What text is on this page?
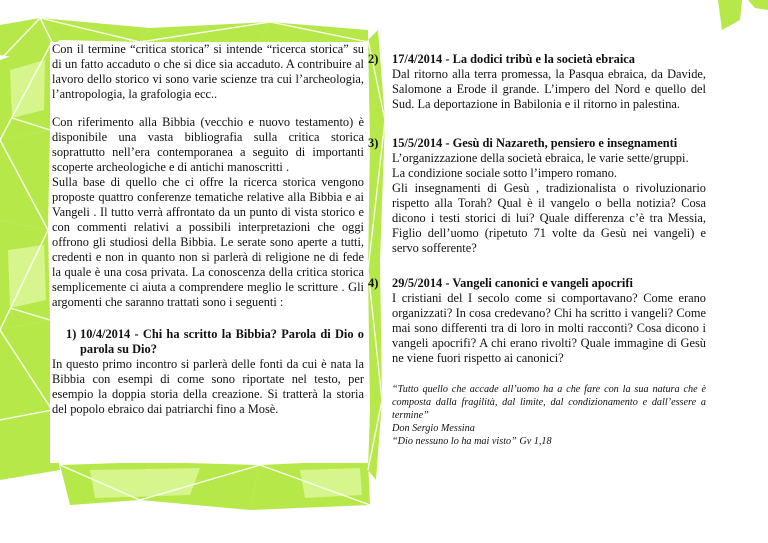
Con il termine “critica storica” si intende “ricerca storica” su di un fatto accaduto o che si dice sia accaduto. A contribuire al lavoro dello storico vi sono varie scienze tra cui l’archeologia, l’antropologia, la grafologia ecc..

Con riferimento alla Bibbia (vecchio e nuovo testamento) è disponibile una vasta bibliografia sulla critica storica soprattutto nell’era contemporanea a seguito di importanti scoperte archeologiche e di antichi manoscritti .

Sulla base di quello che ci offre la ricerca storica vengono proposte quattro conferenze tematiche relative alla Bibbia e ai Vangeli . Il tutto verrà affrontato da un punto di vista storico e con commenti relativi a possibili interpretazioni che oggi offrono gli studiosi della Bibbia. Le serate sono aperte a tutti, credenti e non in quanto non si parlerà di religione ne di fede la quale è una cosa privata. La conoscenza della critica storica semplicemente ci aiuta a comprendere meglio le scritture . Gli argomenti che saranno trattati sono i seguenti :

1) 10/4/2014 - Chi ha scritto la Bibbia? Parola di Dio o parola su Dio?

In questo primo incontro si parlerà delle fonti da cui è nata la Bibbia con esempi di come sono riportate nel testo, per esempio la doppia storia della creazione. Si tratterà la storia del popolo ebraico dai patriarchi fino a Mosè.

2) 17/4/2014 - La dodici tribù e la società ebraica

Dal ritorno alla terra promessa, la Pasqua ebraica, da Davide, Salomone a Erode il grande. L’impero del Nord e quello del Sud. La deportazione in Babilonia e il ritorno in palestina.

3) 15/5/2014 - Gesù di Nazareth, pensiero e insegnamenti

L’organizzazione della società ebraica, le varie sette/gruppi.

La condizione sociale sotto l’impero romano.

Gli insegnamenti di Gesù , tradizionalista o rivoluzionario rispetto alla Torah? Qual è il vangelo o bella notizia? Cosa dicono i testi storici di lui? Quale differenza c’è tra Messia, Figlio dell’uomo (ripetuto 71 volte da Gesù nei vangeli) e servo sofferente?

4) 29/5/2014 - Vangeli canonici e vangeli apocrifi

I cristiani del I secolo come si comportavano? Come erano organizzati? In cosa credevano? Chi ha scritto i vangeli? Come mai sono differenti tra di loro in molti racconti? Cosa dicono i vangeli apocrifi? A chi erano rivolti? Quale immagine di Gesù ne viene fuori rispetto ai canonici?

“Tutto quello che accade all’uomo ha a che fare con la sua natura che è composta dalla fragilità, dal limite, dal condizionamento e dall’essere a termine”

Don Sergio Messina

“Dio nessuno lo ha mai visto” Gv 1,18
